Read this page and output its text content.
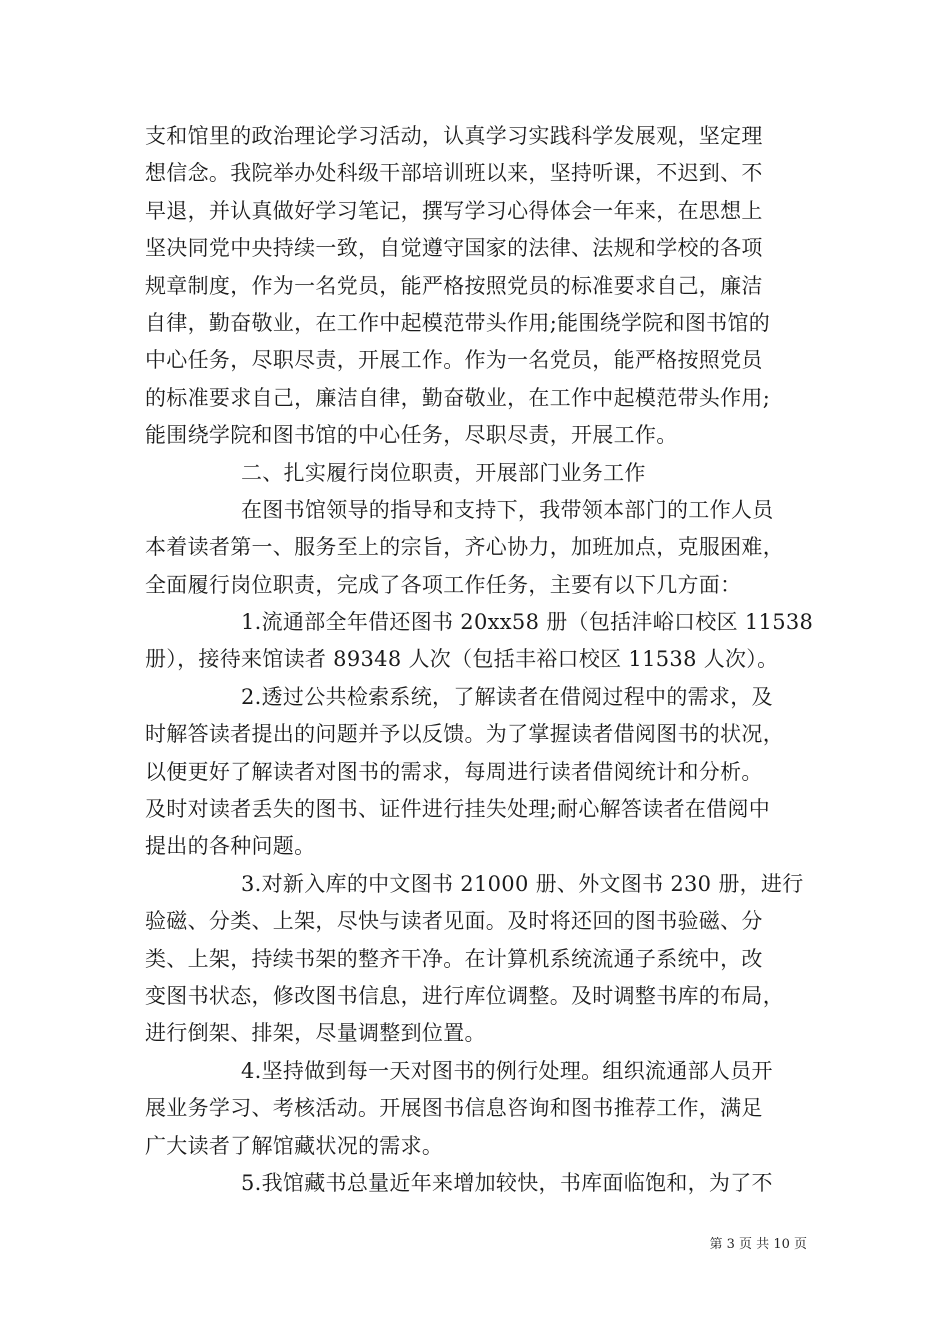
支和馆里的政治理论学习活动，认真学习实践科学发展观，坚定理
想信念。我院举办处科级干部培训班以来，坚持听课，不迟到、不
早退，并认真做好学习笔记，撰写学习心得体会一年来，在思想上
坚决同党中央持续一致，自觉遵守国家的法律、法规和学校的各项
规章制度，作为一名党员，能严格按照党员的标准要求自己，廉洁
自律，勤奋敬业，在工作中起模范带头作用;能围绕学院和图书馆的
中心任务，尽职尽责，开展工作。作为一名党员，能严格按照党员
的标准要求自己，廉洁自律，勤奋敬业，在工作中起模范带头作用;
能围绕学院和图书馆的中心任务，尽职尽责，开展工作。
二、扎实履行岗位职责，开展部门业务工作
在图书馆领导的指导和支持下，我带领本部门的工作人员
本着读者第一、服务至上的宗旨，齐心协力，加班加点，克服困难，
全面履行岗位职责，完成了各项工作任务，主要有以下几方面：
1.流通部全年借还图书 20xx58 册（包括沣峪口校区 11538
册），接待来馆读者 89348 人次（包括丰裕口校区 11538 人次）。
2.透过公共检索系统，了解读者在借阅过程中的需求，及
时解答读者提出的问题并予以反馈。为了掌握读者借阅图书的状况，
以便更好了解读者对图书的需求，每周进行读者借阅统计和分析。
及时对读者丢失的图书、证件进行挂失处理;耐心解答读者在借阅中
提出的各种问题。
3.对新入库的中文图书 21000 册、外文图书 230 册，进行
验磁、分类、上架，尽快与读者见面。及时将还回的图书验磁、分
类、上架，持续书架的整齐干净。在计算机系统流通子系统中，改
变图书状态，修改图书信息，进行库位调整。及时调整书库的布局，
进行倒架、排架，尽量调整到位置。
4.坚持做到每一天对图书的例行处理。组织流通部人员开
展业务学习、考核活动。开展图书信息咨询和图书推荐工作，满足
广大读者了解馆藏状况的需求。
5.我馆藏书总量近年来增加较快，书库面临饱和，为了不
第 3 页 共 10 页
